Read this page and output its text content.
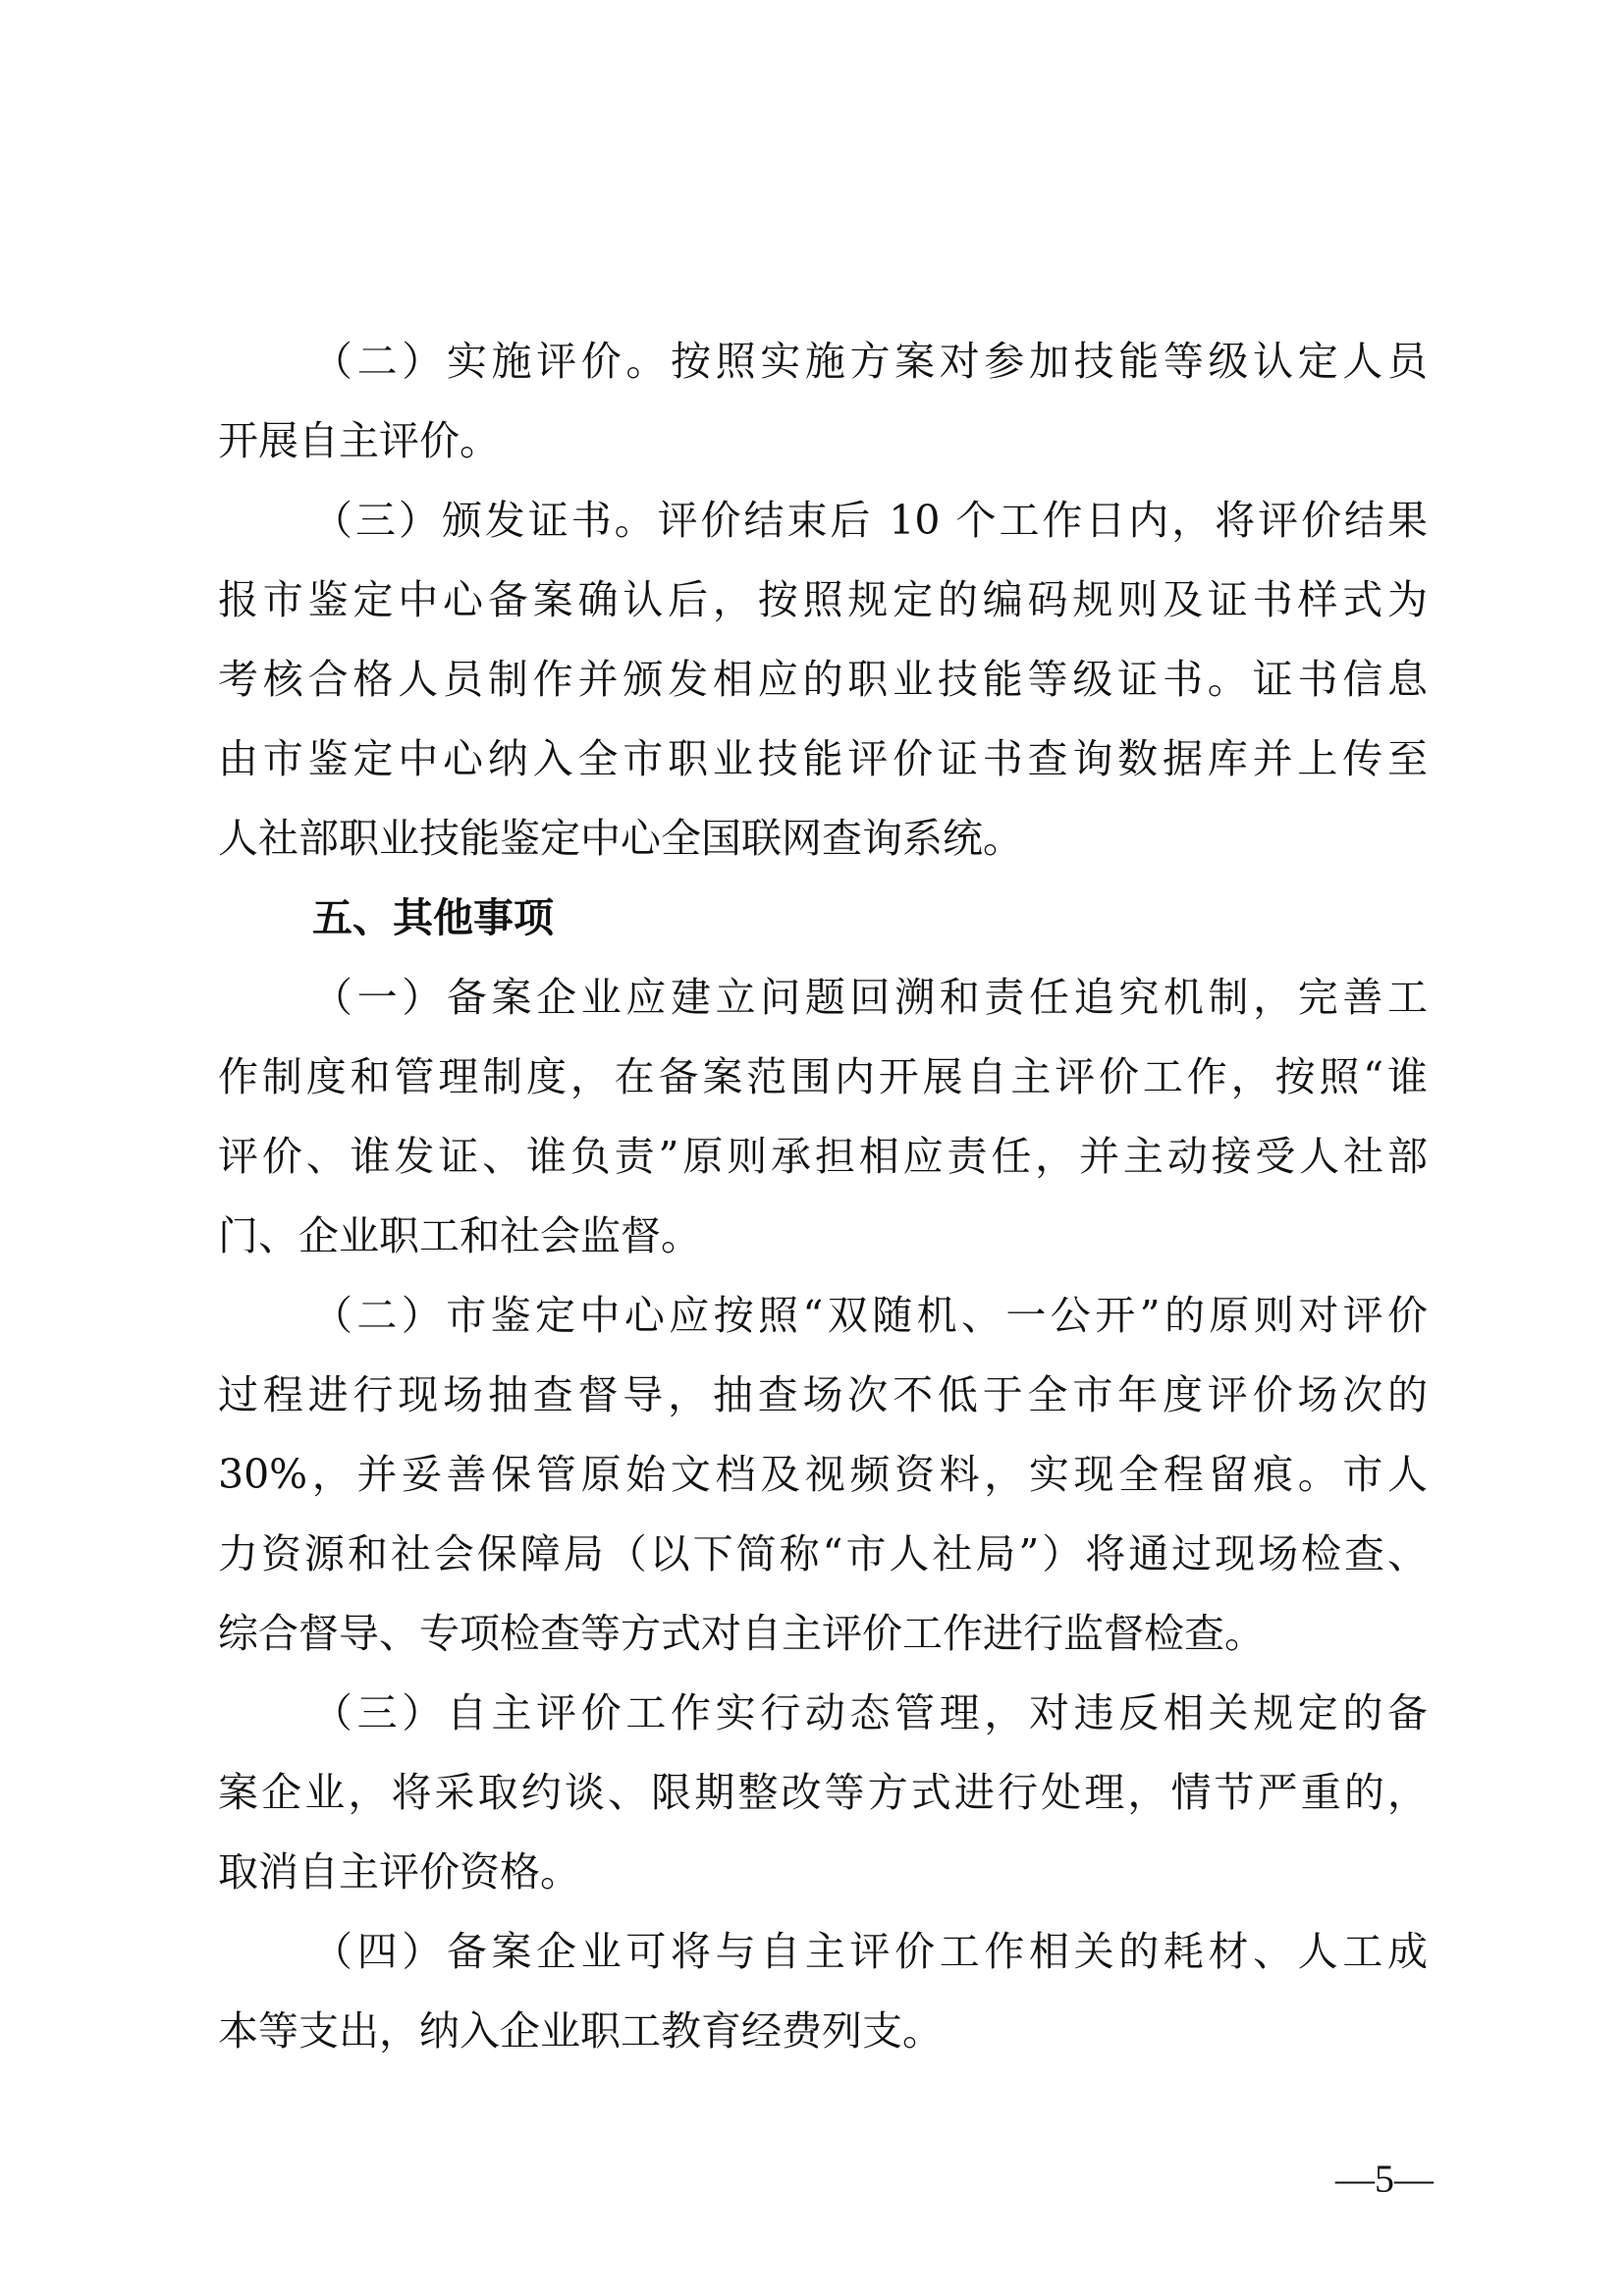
（二）实施评价。按照实施方案对参加技能等级认定人员
开展自主评价。
（三）颁发证书。评价结束后 10 个工作日内，将评价结果
报市鉴定中心备案确认后，按照规定的编码规则及证书样式为
考核合格人员制作并颁发相应的职业技能等级证书。证书信息
由市鉴定中心纳入全市职业技能评价证书查询数据库并上传至
人社部职业技能鉴定中心全国联网查询系统。
五、其他事项
（一）备案企业应建立问题回溯和责任追究机制，完善工
作制度和管理制度，在备案范围内开展自主评价工作，按照“谁
评价、谁发证、谁负责”原则承担相应责任，并主动接受人社部
门、企业职工和社会监督。
（二）市鉴定中心应按照“双随机、一公开”的原则对评价
过程进行现场抽查督导，抽查场次不低于全市年度评价场次的
30%，并妥善保管原始文档及视频资料，实现全程留痕。市人
力资源和社会保障局（以下简称“市人社局”）将通过现场检查、
综合督导、专项检查等方式对自主评价工作进行监督检查。
（三）自主评价工作实行动态管理，对违反相关规定的备
案企业，将采取约谈、限期整改等方式进行处理，情节严重的，
取消自主评价资格。
（四）备案企业可将与自主评价工作相关的耗材、人工成
本等支出，纳入企业职工教育经费列支。
—5—
